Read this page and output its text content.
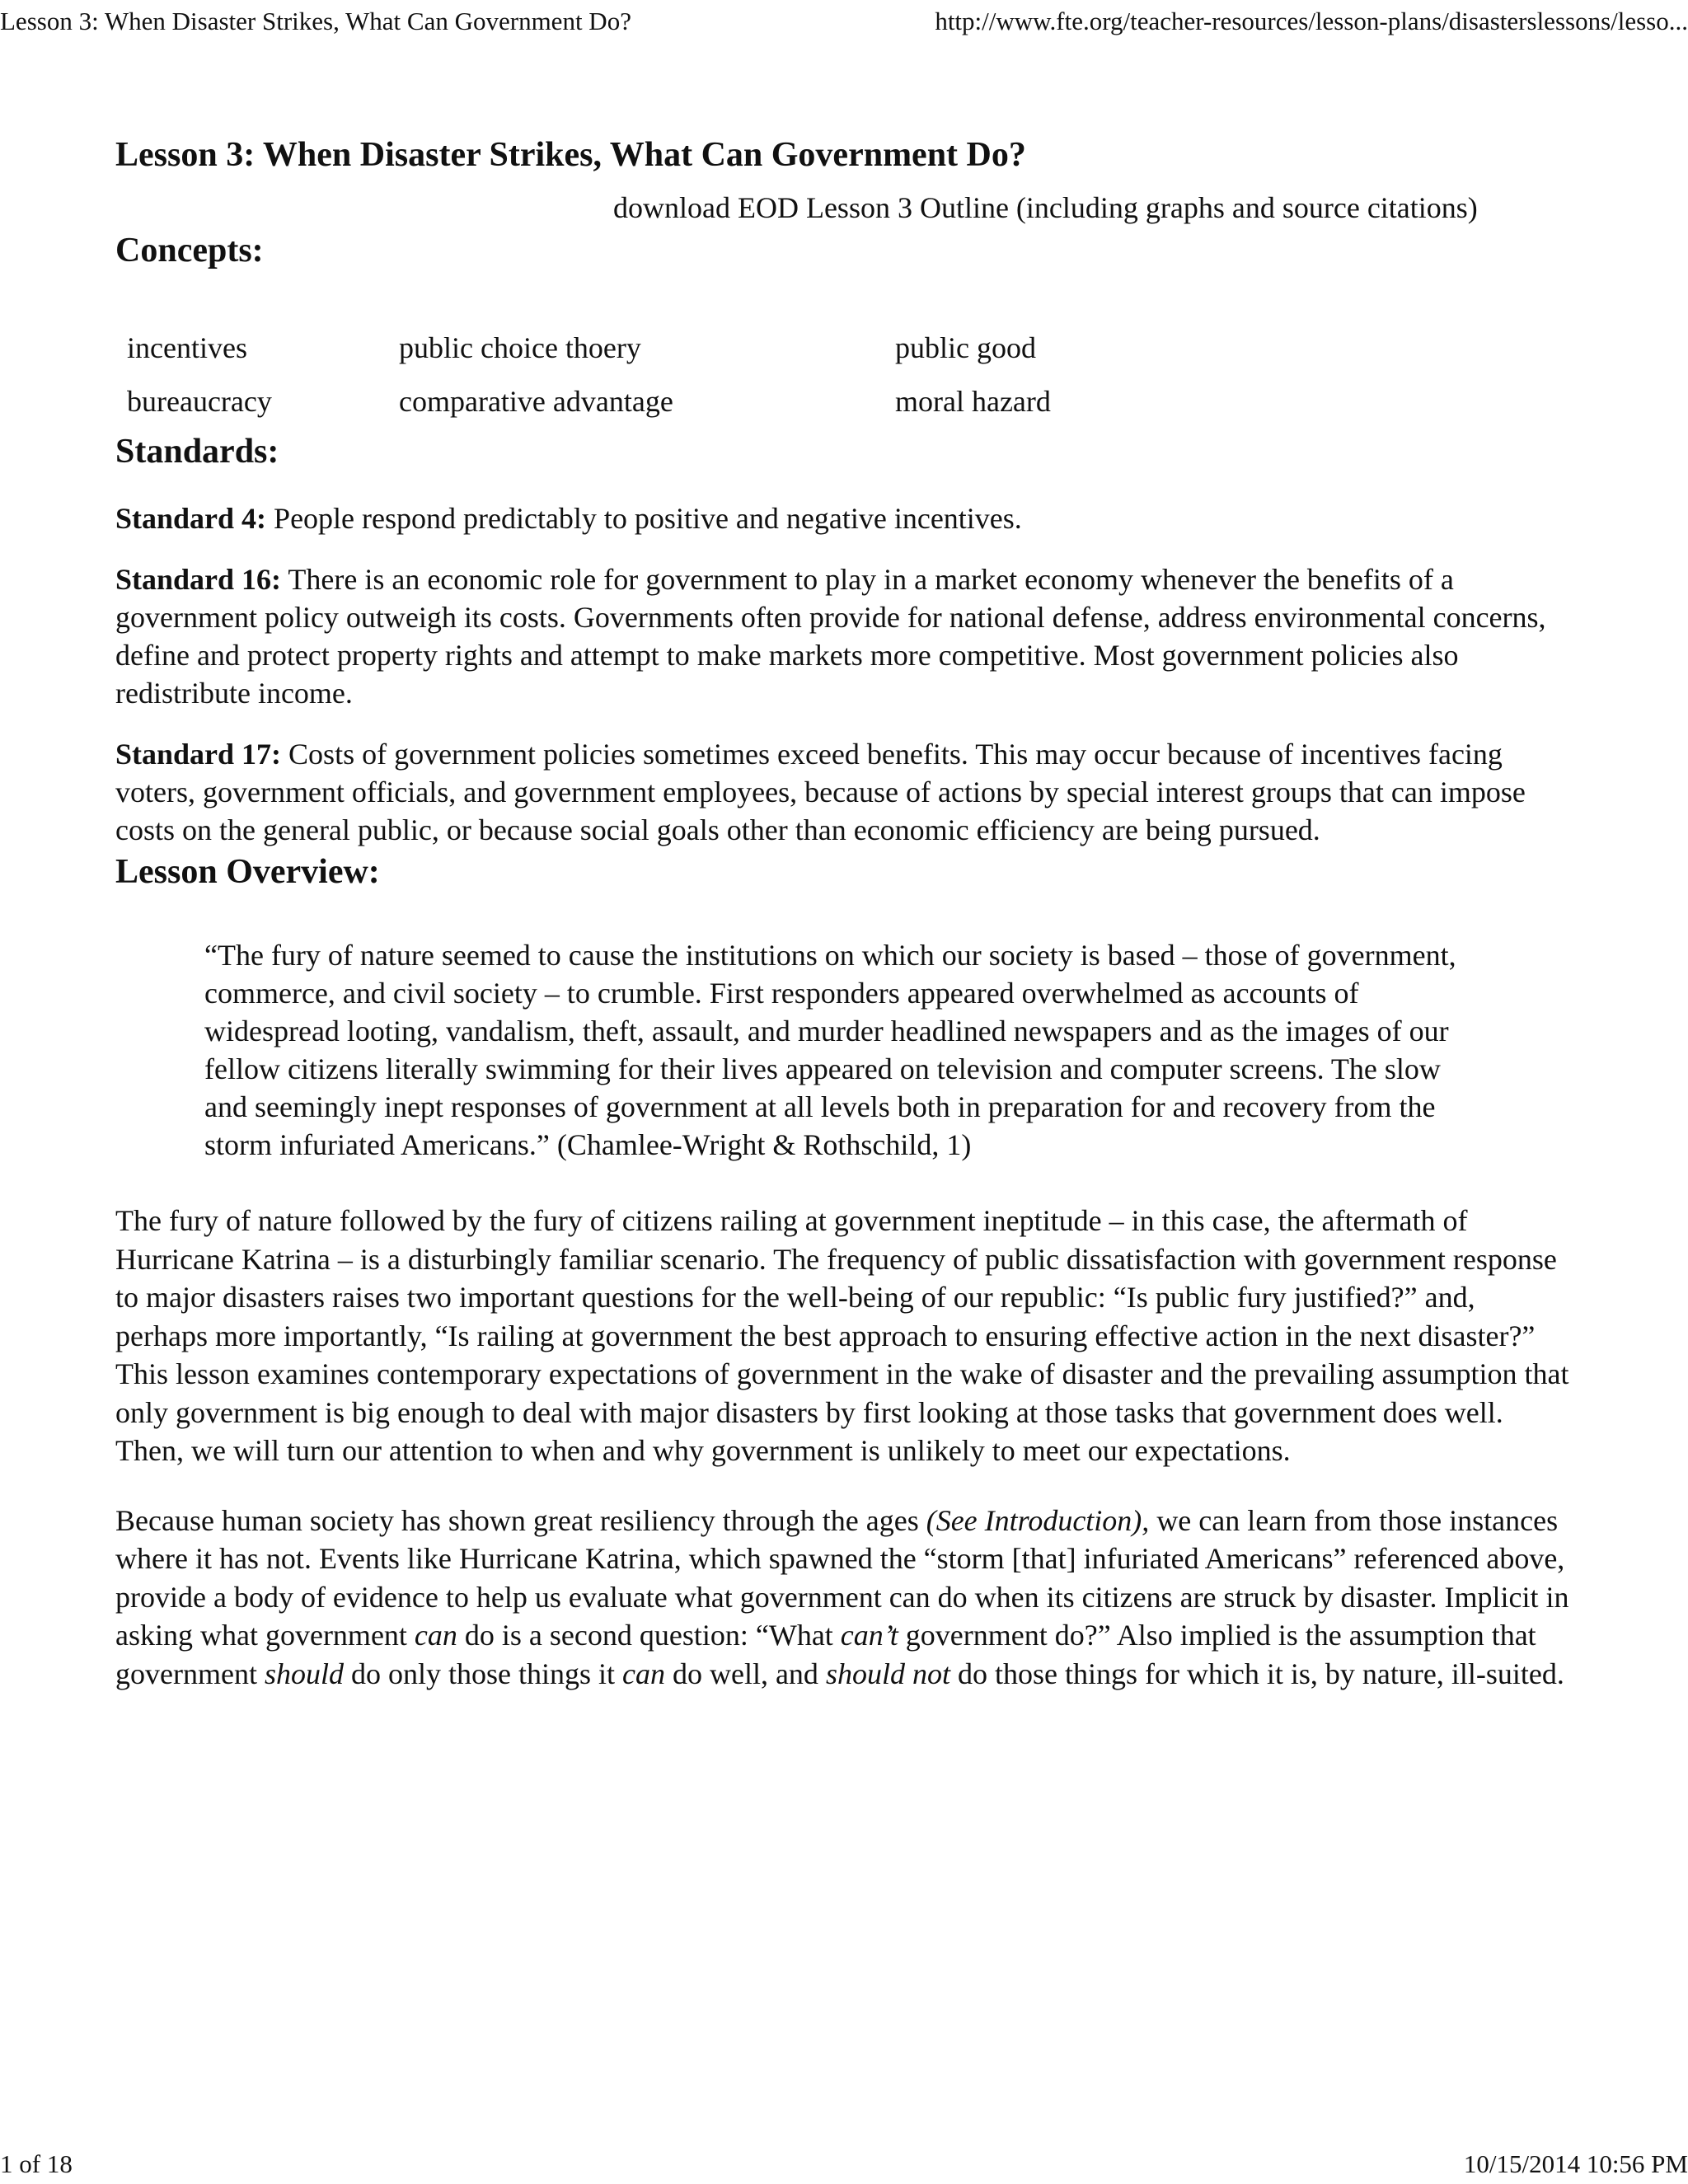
Lesson 3: When Disaster Strikes, What Can Government Do?	http://www.fte.org/teacher-resources/lesson-plans/disasterslessons/lesso...
Lesson 3: When Disaster Strikes, What Can Government Do?
download EOD Lesson 3 Outline (including graphs and source citations)
Concepts:
incentives	public choice thoery	public good
bureaucracy	comparative advantage	moral hazard
Standards:

Standard 4: People respond predictably to positive and negative incentives.

Standard 16: There is an economic role for government to play in a market economy whenever the benefits of a government policy outweigh its costs. Governments often provide for national defense, address environmental concerns, define and protect property rights and attempt to make markets more competitive. Most government policies also redistribute income.

Standard 17: Costs of government policies sometimes exceed benefits. This may occur because of incentives facing voters, government officials, and government employees, because of actions by special interest groups that can impose costs on the general public, or because social goals other than economic efficiency are being pursued.

Lesson Overview:
“The fury of nature seemed to cause the institutions on which our society is based – those of government, commerce, and civil society – to crumble. First responders appeared overwhelmed as accounts of widespread looting, vandalism, theft, assault, and murder headlined newspapers and as the images of our fellow citizens literally swimming for their lives appeared on television and computer screens. The slow and seemingly inept responses of government at all levels both in preparation for and recovery from the storm infuriated Americans.” (Chamlee-Wright & Rothschild, 1)

The fury of nature followed by the fury of citizens railing at government ineptitude – in this case, the aftermath of Hurricane Katrina – is a disturbingly familiar scenario. The frequency of public dissatisfaction with government response to major disasters raises two important questions for the well-being of our republic: “Is public fury justified?” and, perhaps more importantly, “Is railing at government the best approach to ensuring effective action in the next disaster?” This lesson examines contemporary expectations of government in the wake of disaster and the prevailing assumption that only government is big enough to deal with major disasters by first looking at those tasks that government does well. Then, we will turn our attention to when and why government is unlikely to meet our expectations.

Because human society has shown great resiliency through the ages (See Introduction), we can learn from those instances where it has not. Events like Hurricane Katrina, which spawned the “storm [that] infuriated Americans” referenced above, provide a body of evidence to help us evaluate what government can do when its citizens are struck by disaster. Implicit in asking what government can do is a second question: “What can’t government do?” Also implied is the assumption that government should do only those things it can do well, and should not do those things for which it is, by nature, ill-suited.

1 of 18	10/15/2014 10:56 PM
